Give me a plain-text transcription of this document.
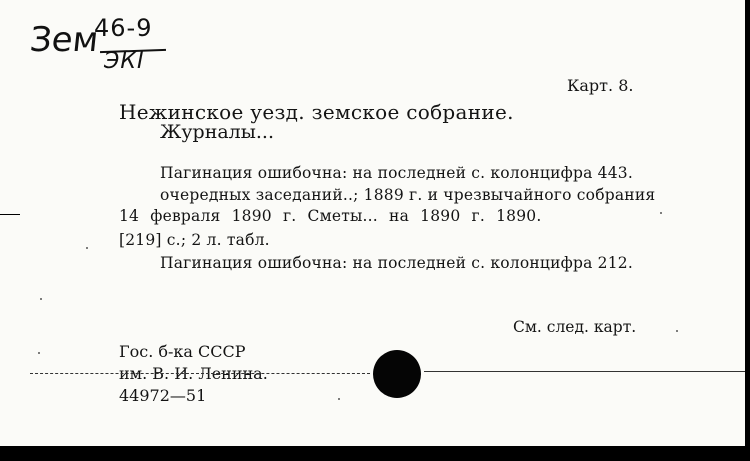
Зем
46-9
ЭКI
Карт. 8.
Нежинское уезд. земское собрание.
Журналы...
Пагинация ошибочна: на последней с. колонцифра 443.
очередных заседаний..; 1889 г. и чрезвычайного собрания
14 февраля 1890 г. Сметы... на 1890 г. 1890.
[219] с.; 2 л. табл.
Пагинация ошибочна: на последней с. колонцифра 212.
См. след. карт.
Гос. б-ка СССР
им. В. И. Ленина.
44972—51
